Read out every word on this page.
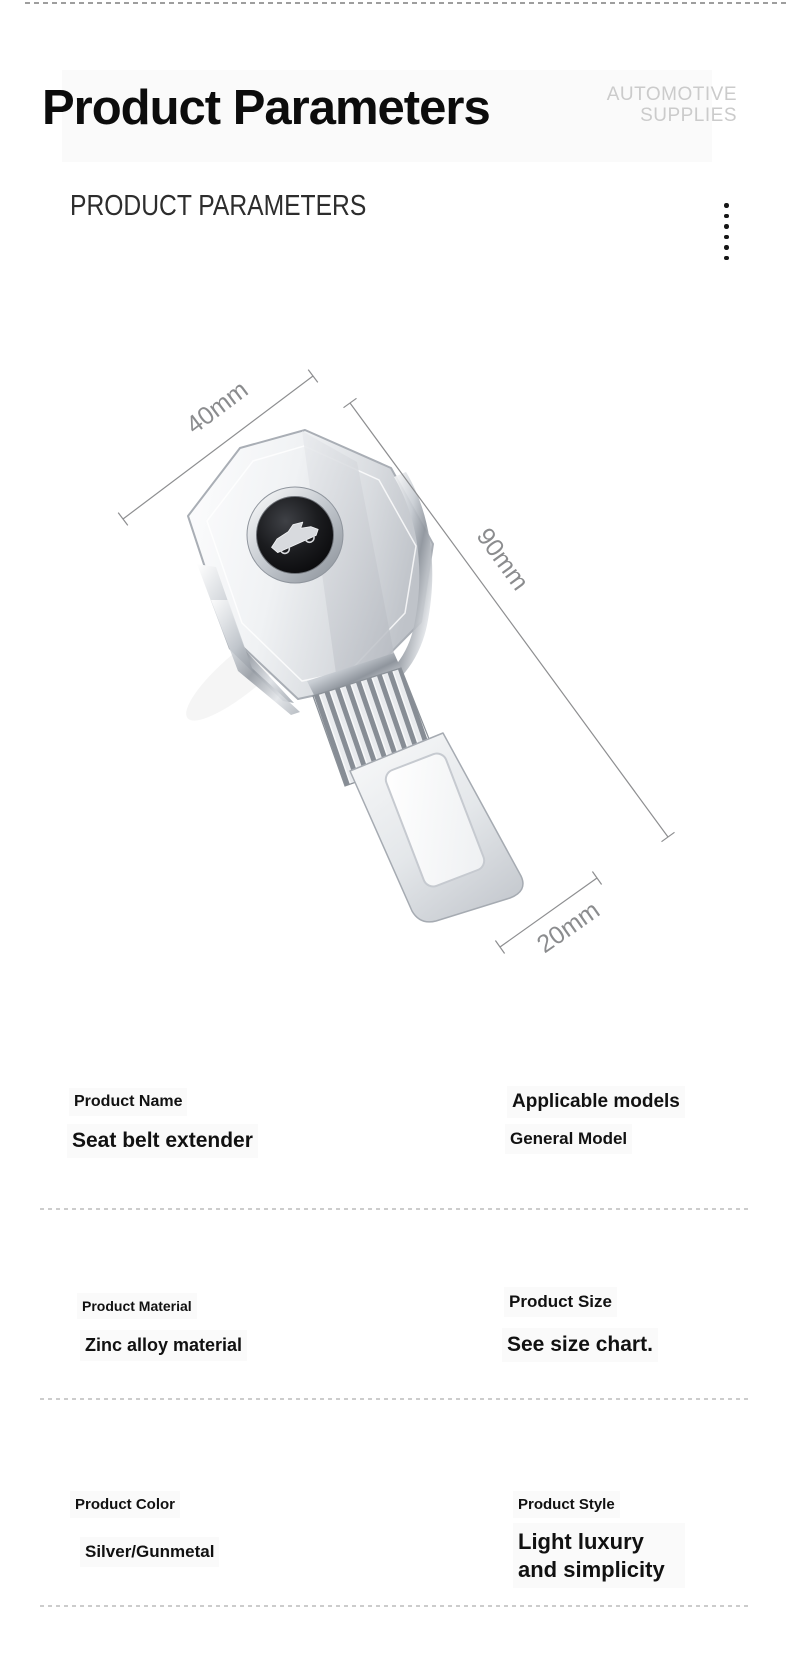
Product Parameters	AUTOMOTIVE
SUPPLIES
PRODUCT PARAMETERS
40mm
90mm
20mm
Product Name
Seat belt extender
Applicable models
General Model
Product Material
Zinc alloy material
Product Size
See size chart.
Product Color
Silver/Gunmetal
Product Style
Light luxury and simplicity
